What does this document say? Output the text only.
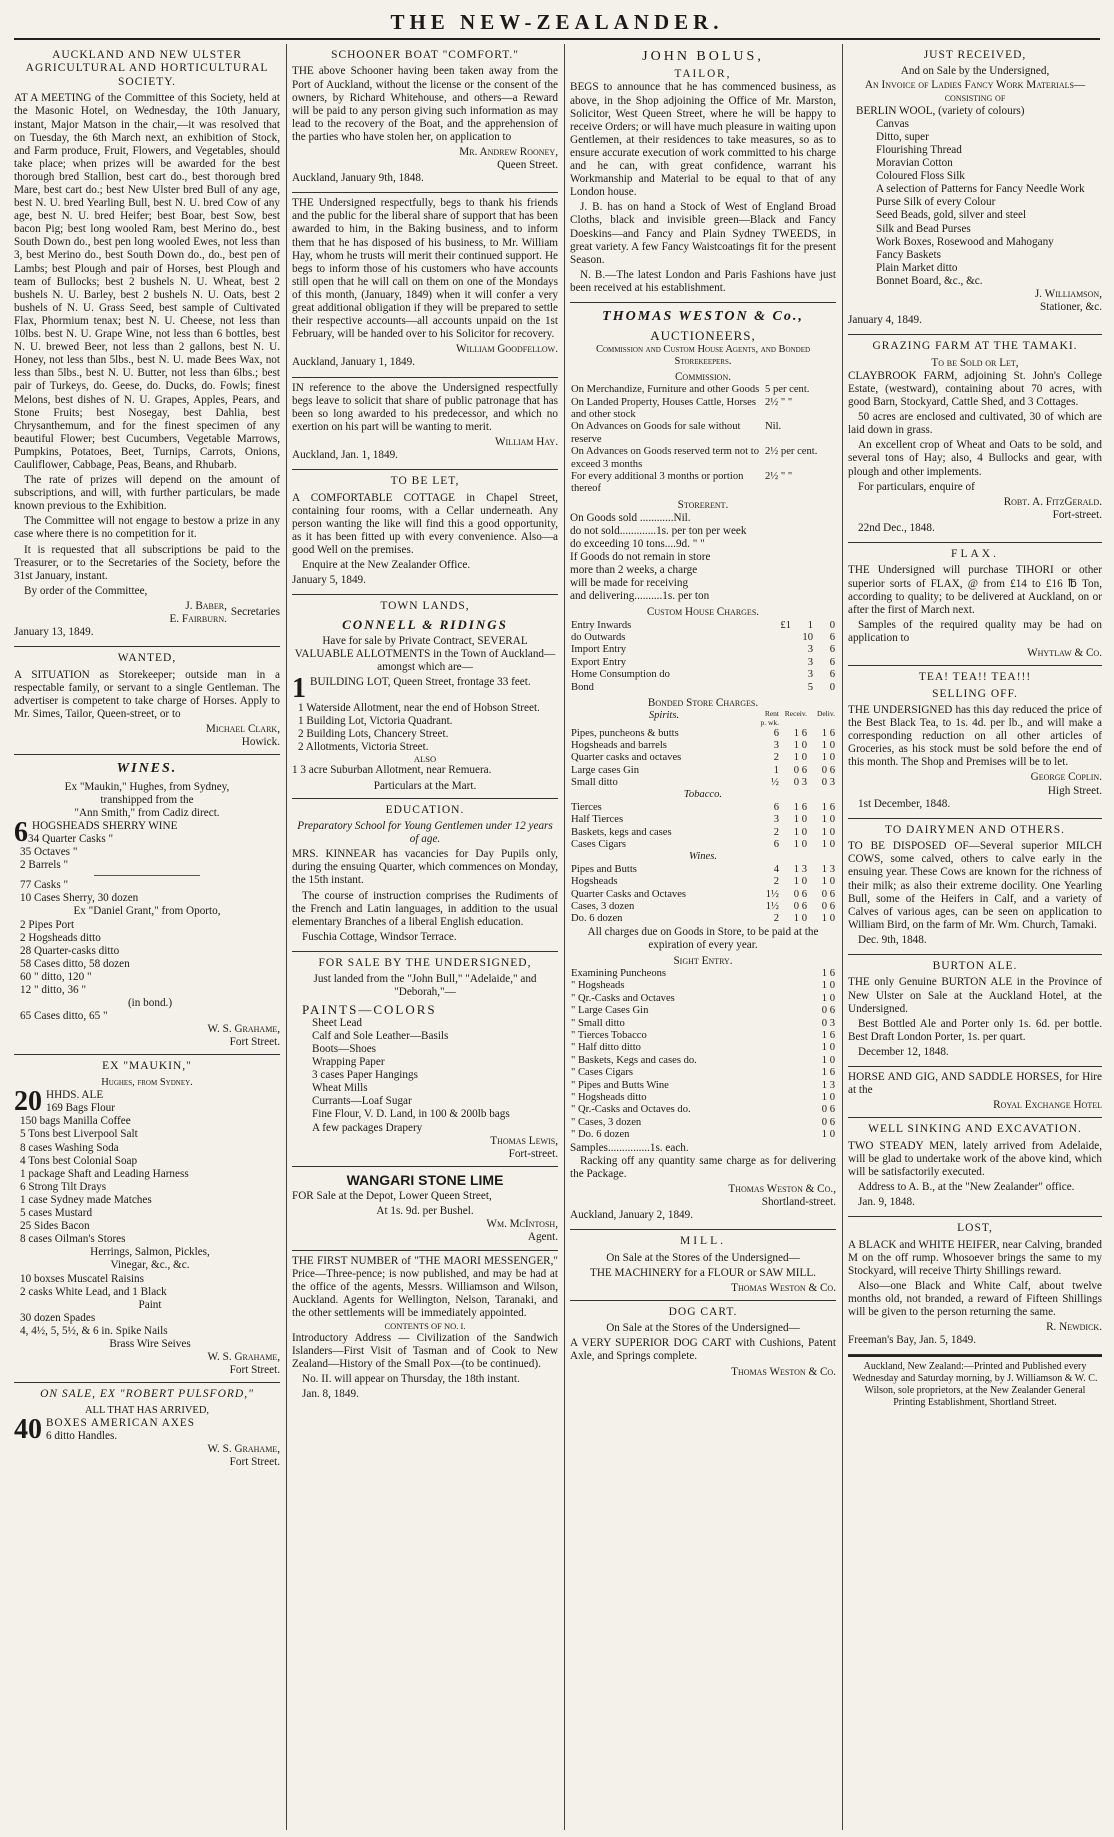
THE NEW-ZEALANDER.
AUCKLAND AND NEW ULSTER AGRICULTURAL AND HORTICULTURAL SOCIETY.

AT A MEETING of the Committee of this Society, held at the Masonic Hotel, on Wednesday, the 10th January, instant, Major Matson in the chair,—it was resolved that on Tuesday, the 6th March next, an exhibition of Stock, and Farm produce, Fruit, Flowers, and Vegetables, should take place; when prizes will be awarded for the best thorough bred Stallion, best cart do., best thorough bred Mare, best cart do.; best New Ulster bred Bull of any age, best N. U. bred Yearling Bull, best N. U. bred Cow of any age, best N. U. bred Heifer; best Boar, best Sow, best bacon Pig; best long wooled Ram, best Merino do., best South Down do., best pen long wooled Ewes, not less than 3, best Merino do., best South Down do., do., best pen of Lambs; best Plough and pair of Horses, best Plough and team of Bullocks; best 2 bushels N. U. Wheat, best 2 bushels N. U. Barley, best 2 bushels N. U. Oats, best 2 bushels of N. U. Grass Seed, best sample of Cultivated Flax, Phormium tenax; best N. U. Cheese, not less than 10lbs. best N. U. Grape Wine, not less than 6 bottles, best N. U. brewed Beer, not less than 2 gallons, best N. U. Honey, not less than 5lbs., best N. U. made Bees Wax, not less than 5lbs., best N. U. Butter, not less than 6lbs.; best pair of Turkeys, do. Geese, do. Ducks, do. Fowls; finest Melons, best dishes of N. U. Grapes, Apples, Pears, and Stone Fruits; best Nosegay, best Dahlia, best Chrysanthemum, and for the finest specimen of any beautiful Flower; best Cucumbers, Vegetable Marrows, Pumpkins, Potatoes, Beet, Turnips, Carrots, Onions, Cauliflower, Cabbage, Peas, Beans, and Rhubarb.

The rate of prizes will depend on the amount of subscriptions, and will, with further particulars, be made known previous to the Exhibition.

The Committee will not engage to bestow a prize in any case where there is no competition for it.

It is requested that all subscriptions be paid to the Treasurer, or to the Secretaries of the Society, before the 31st January, instant.

By order of the Committee,

J. Baber,
E. Fairburn.
Secretaries

January 13, 1849.

WANTED,

A SITUATION as Storekeeper; outside man in a respectable family, or servant to a single Gentleman. The advertiser is competent to take charge of Horses. Apply to Mr. Simes, Tailor, Queen-street, or to

Michael Clark,
Howick.
WINES.
Ex "Maukin," Hughes, from Sydney,
transhipped from the
"Ann Smith," from Cadiz direct.
6 HOGSHEADS SHERRY WINE
34 Quarter Casks "
35 Octaves "
2 Barrels "
77 Casks "
10 Cases Sherry, 30 dozen
Ex "Daniel Grant," from Oporto,
2 Pipes Port
2 Hogsheads ditto
28 Quarter-casks ditto
58 Cases ditto, 58 dozen
60 " ditto, 120 "
12 " ditto, 36 "
(in bond.)
65 Cases ditto, 65 "
W. S. Grahame,
Fort Street.
EX "MAUKIN,"
Hughes, from Sydney.
20 HHDS. ALE
169 Bags Flour
150 bags Manilla Coffee
5 Tons best Liverpool Salt
8 cases Washing Soda
4 Tons best Colonial Soap
1 package Shaft and Leading Harness
6 Strong Tilt Drays
1 case Sydney made Matches
5 cases Mustard
25 Sides Bacon
8 cases Oilman's Stores
Herrings, Salmon, Pickles,
Vinegar, &c., &c.
10 boxses Muscatel Raisins
2 casks White Lead, and 1 Black
Paint
30 dozen Spades
4, 4½, 5, 5½, & 6 in. Spike Nails
Brass Wire Seives
W. S. Grahame,
Fort Street.
ON SALE, EX "ROBERT PULSFORD,"
ALL THAT HAS ARRIVED,
40 BOXES AMERICAN AXES
6 ditto Handles.
W. S. Grahame,
Fort Street.
SCHOONER BOAT "COMFORT."

THE above Schooner having been taken away from the Port of Auckland, without the license or the consent of the owners, by Richard Whitehouse, and others—a Reward will be paid to any person giving such information as may lead to the recovery of the Boat, and the apprehension of the parties who have stolen her, on application to

Mr. Andrew Rooney,
Queen Street.

Auckland, January 9th, 1848.

THE Undersigned respectfully, begs to thank his friends and the public for the liberal share of support that has been awarded to him, in the Baking business, and to inform them that he has disposed of his business, to Mr. William Hay, whom he trusts will merit their continued support. He begs to inform those of his customers who have accounts still open that he will call on them on one of the Mondays of this month, (January, 1849) when it will confer a very great additional obligation if they will be prepared to settle their respective accounts—all accounts unpaid on the 1st February, will be handed over to his Solicitor for recovery.

William Goodfellow.

Auckland, January 1, 1849.

IN reference to the above the Undersigned respectfully begs leave to solicit that share of public patronage that has been so long awarded to his predecessor, and which no exertion on his part will be wanting to merit.

William Hay.

Auckland, Jan. 1, 1849.

TO BE LET,

A COMFORTABLE COTTAGE in Chapel Street, containing four rooms, with a Cellar underneath. Any person wanting the like will find this a good opportunity, as it has been fitted up with every convenience. Also—a good Well on the premises.

Enquire at the New Zealander Office.

January 5, 1849.

TOWN LANDS,
CONNELL & RIDINGS

Have for sale by Private Contract, SEVERAL VALUABLE ALLOTMENTS in the Town of Auckland—amongst which are—

1 BUILDING LOT, Queen Street, frontage 33 feet.

1 Waterside Allotment, near the end of Hobson Street.
1 Building Lot, Victoria Quadrant.
2 Building Lots, Chancery Street.
2 Allotments, Victoria Street.
ALSO

1 3 acre Suburban Allotment, near Remuera.

Particulars at the Mart.
EDUCATION.

Preparatory School for Young Gentlemen under 12 years of age.

MRS. KINNEAR has vacancies for Day Pupils only, during the ensuing Quarter, which commences on Monday, the 15th instant.

The course of instruction comprises the Rudiments of the French and Latin languages, in addition to the usual elementary Branches of a liberal English education.

Fuschia Cottage, Windsor Terrace.

FOR SALE BY THE UNDERSIGNED,

Just landed from the "John Bull," "Adelaide," and "Deborah,"—

PAINTS—COLORS
Sheet Lead
Calf and Sole Leather—Basils
Boots—Shoes
Wrapping Paper
3 cases Paper Hangings
Wheat Mills
Currants—Loaf Sugar
Fine Flour, V. D. Land, in 100 & 200lb bags
A few packages Drapery
Thomas Lewis,
Fort-street.
WANGARI STONE LIME

FOR Sale at the Depot, Lower Queen Street,

At 1s. 9d. per Bushel.
Wm. McIntosh,
Agent.

THE FIRST NUMBER of "THE MAORI MESSENGER," Price—Three-pence; is now published, and may be had at the office of the agents, Messrs. Williamson and Wilson, Auckland. Agents for Wellington, Nelson, Taranaki, and the other settlements will be immediately appointed.

CONTENTS OF NO. I.

Introductory Address — Civilization of the Sandwich Islanders—First Visit of Tasman and of Cook to New Zealand—History of the Small Pox—(to be continued).

No. II. will appear on Thursday, the 18th instant.

Jan. 8, 1849.

JOHN BOLUS,
TAILOR,

BEGS to announce that he has commenced business, as above, in the Shop adjoining the Office of Mr. Marston, Solicitor, West Queen Street, where he will be happy to receive Orders; or will have much pleasure in waiting upon Gentlemen, at their residences to take measures, so as to ensure accurate execution of work committed to his charge and he can, with great confidence, warrant his Workmanship and Material to be equal to that of any London house.

J. B. has on hand a Stock of West of England Broad Cloths, black and invisible green—Black and Fancy Doeskins—and Fancy and Plain Sydney TWEEDS, in great variety. A few Fancy Waistcoatings fit for the present Season.

N. B.—The latest London and Paris Fashions have just been received at his establishment.

THOMAS WESTON & Co.,
AUCTIONEERS,
Commission and Custom House Agents, and Bonded Storekeepers.
Commission.
On Merchandize, Furniture and other Goods	5 per cent.
On Landed Property, Houses Cattle, Horses and other stock	2½ " "
On Advances on Goods for sale without reserve	Nil.
On Advances on Goods reserved term not to exceed 3 months	2½ per cent.
For every additional 3 months or portion thereof	2½ " "
Storerent.
On Goods sold ............Nil.
do not sold.............1s. per ton per week
do exceeding 10 tons....9d. " "
If Goods do not remain in store
more than 2 weeks, a charge
will be made for receiving
and delivering..........1s. per ton
Custom House Charges.
Entry Inwards	£1	1	0
do Outwards		10	6
Import Entry		3	6
Export Entry		3	6
Home Consumption do		3	6
Bond		5	0
Bonded Store Charges.
Spirits.	Rent p. wk.	Receiv.	Deliv.
Pipes, puncheons & butts	6	1 6	1 6
Hogsheads and barrels	3	1 0	1 0
Quarter casks and octaves	2	1 0	1 0
Large cases Gin	1	0 6	0 6
Small ditto	½	0 3	0 3
Tobacco.			
Tierces	6	1 6	1 6
Half Tierces	3	1 0	1 0
Baskets, kegs and cases	2	1 0	1 0
Cases Cigars	6	1 0	1 0
Wines.			
Pipes and Butts	4	1 3	1 3
Hogsheads	2	1 0	1 0
Quarter Casks and Octaves	1½	0 6	0 6
Cases, 3 dozen	1½	0 6	0 6
Do. 6 dozen	2	1 0	1 0

All charges due on Goods in Store, to be paid at the expiration of every year.

Sight Entry.
Examining Puncheons	1 6
" Hogsheads	1 0
" Qr.-Casks and Octaves	1 0
" Large Cases Gin	0 6
" Small ditto	0 3
" Tierces Tobacco	1 6
" Half ditto ditto	1 0
" Baskets, Kegs and cases do.	1 0
" Cases Cigars	1 6
" Pipes and Butts Wine	1 3
" Hogsheads ditto	1 0
" Qr.-Casks and Octaves do.	0 6
" Cases, 3 dozen	0 6
" Do. 6 dozen	1 0
Samples...............1s. each.

Racking off any quantity same charge as for delivering the Package.

Thomas Weston & Co.,
Shortland-street.

Auckland, January 2, 1849.

MILL.

On Sale at the Stores of the Undersigned—

THE MACHINERY for a FLOUR or SAW MILL.

Thomas Weston & Co.
DOG CART.

On Sale at the Stores of the Undersigned—

A VERY SUPERIOR DOG CART with Cushions, Patent Axle, and Springs complete.

Thomas Weston & Co.
JUST RECEIVED,
And on Sale by the Undersigned,
An Invoice of Ladies Fancy Work Materials—consisting of
BERLIN WOOL, (variety of colours)
Canvas
Ditto, super
Flourishing Thread
Moravian Cotton
Coloured Floss Silk
A selection of Patterns for Fancy Needle Work
Purse Silk of every Colour
Seed Beads, gold, silver and steel
Silk and Bead Purses
Work Boxes, Rosewood and Mahogany
Fancy Baskets
Plain Market ditto
Bonnet Board, &c., &c.
J. Williamson,
Stationer, &c.

January 4, 1849.

GRAZING FARM AT THE TAMAKI.
To be Sold or Let,

CLAYBROOK FARM, adjoining St. John's College Estate, (westward), containing about 70 acres, with good Barn, Stockyard, Cattle Shed, and 3 Cottages.

50 acres are enclosed and cultivated, 30 of which are laid down in grass.

An excellent crop of Wheat and Oats to be sold, and several tons of Hay; also, 4 Bullocks and gear, with plough and other implements.

For particulars, enquire of

Robt. A. FitzGerald.
Fort-street.

22nd Dec., 1848.

FLAX.

THE Undersigned will purchase TIHORI or other superior sorts of FLAX, @ from £14 to £16 ℔ Ton, according to quality; to be delivered at Auckland, on or after the first of March next.

Samples of the required quality may be had on application to

Whytlaw & Co.
TEA! TEA!! TEA!!!
SELLING OFF.

THE UNDERSIGNED has this day reduced the price of the Best Black Tea, to 1s. 4d. per lb., and will make a corresponding reduction on all other articles of Groceries, as his stock must be sold before the end of this month. The Shop and Premises will be to let.

George Coplin.
High Street.

1st December, 1848.

TO DAIRYMEN AND OTHERS.

TO BE DISPOSED OF—Several superior MILCH COWS, some calved, others to calve early in the ensuing year. These Cows are known for the richness of their milk; as also their extreme docility. One Yearling Bull, some of the Heifers in Calf, and a variety of Calves of various ages, can be seen on application to William Bird, on the farm of Mr. Wm. Church, Tamaki.

Dec. 9th, 1848.

BURTON ALE.

THE only Genuine BURTON ALE in the Province of New Ulster on Sale at the Auckland Hotel, at the Undersigned.

Best Bottled Ale and Porter only 1s. 6d. per bottle. Best Draft London Porter, 1s. per quart.

December 12, 1848.

HORSE AND GIG, AND SADDLE HORSES, for Hire at the

Royal Exchange Hotel
WELL SINKING AND EXCAVATION.

TWO STEADY MEN, lately arrived from Adelaide, will be glad to undertake work of the above kind, which will be satisfactorily executed.

Address to A. B., at the "New Zealander" office.

Jan. 9, 1848.

LOST,

A BLACK and WHITE HEIFER, near Calving, branded M on the off rump. Whosoever brings the same to my Stockyard, will receive Thirty Shillings reward.

Also—one Black and White Calf, about twelve months old, not branded, a reward of Fifteen Shillings will be given to the person returning the same.

R. Newdick.

Freeman's Bay, Jan. 5, 1849.

Auckland, New Zealand:—Printed and Published every Wednesday and Saturday morning, by J. Williamson & W. C. Wilson, sole proprietors, at the New Zealander General Printing Establishment, Shortland Street.
